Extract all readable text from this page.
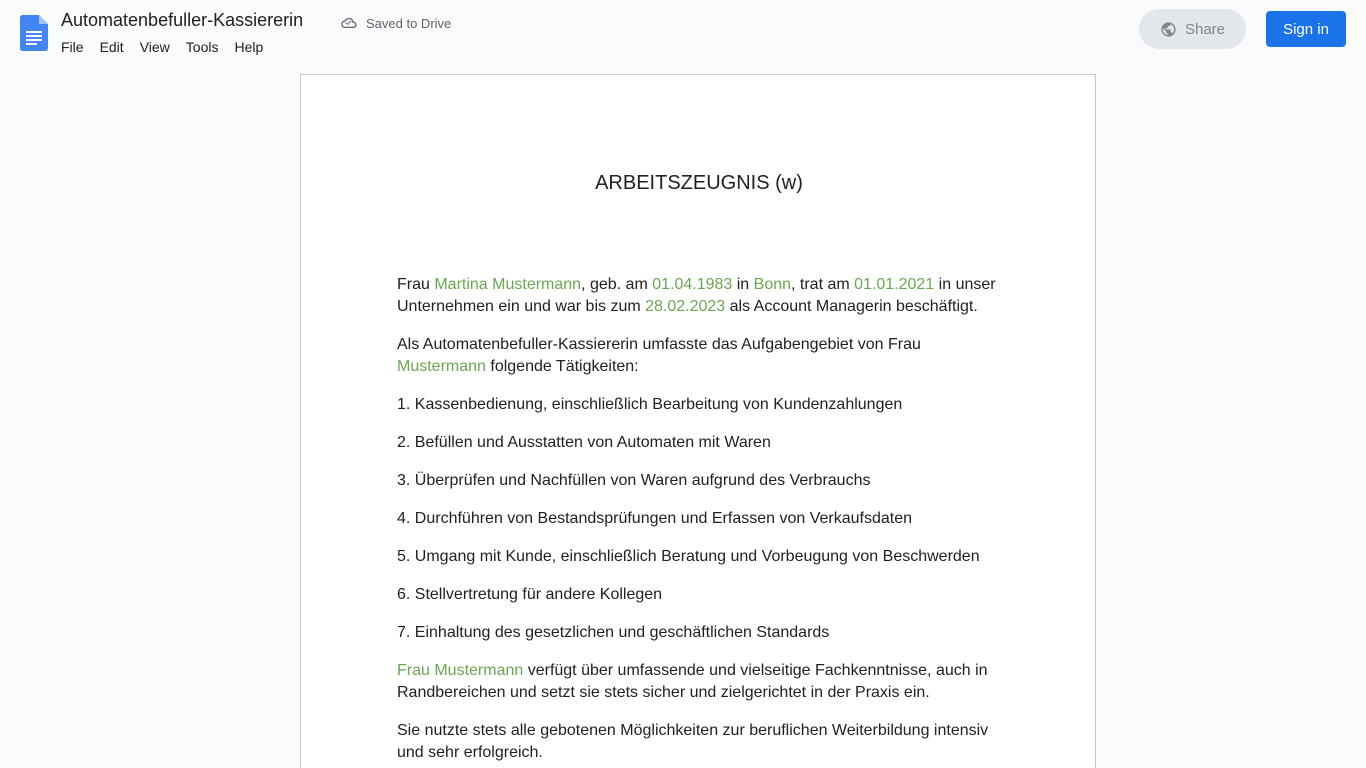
Automatenbefuller-Kassiererin	Saved to Drive
File	Edit	View	Tools	Help
Share	Sign in
ARBEITSZEUGNIS (w)

Frau Martina Mustermann, geb. am 01.04.1983 in Bonn, trat am 01.01.2021 in unser Unternehmen ein und war bis zum 28.02.2023 als Account Managerin beschäftigt.

Als Automatenbefuller-Kassiererin umfasste das Aufgabengebiet von Frau Mustermann folgende Tätigkeiten:

1. Kassenbedienung, einschließlich Bearbeitung von Kundenzahlungen

2. Befüllen und Ausstatten von Automaten mit Waren

3. Überprüfen und Nachfüllen von Waren aufgrund des Verbrauchs

4. Durchführen von Bestandsprüfungen und Erfassen von Verkaufsdaten

5. Umgang mit Kunde, einschließlich Beratung und Vorbeugung von Beschwerden

6. Stellvertretung für andere Kollegen

7. Einhaltung des gesetzlichen und geschäftlichen Standards

Frau Mustermann verfügt über umfassende und vielseitige Fachkenntnisse, auch in Randbereichen und setzt sie stets sicher und zielgerichtet in der Praxis ein.

Sie nutzte stets alle gebotenen Möglichkeiten zur beruflichen Weiterbildung intensiv und sehr erfolgreich.
